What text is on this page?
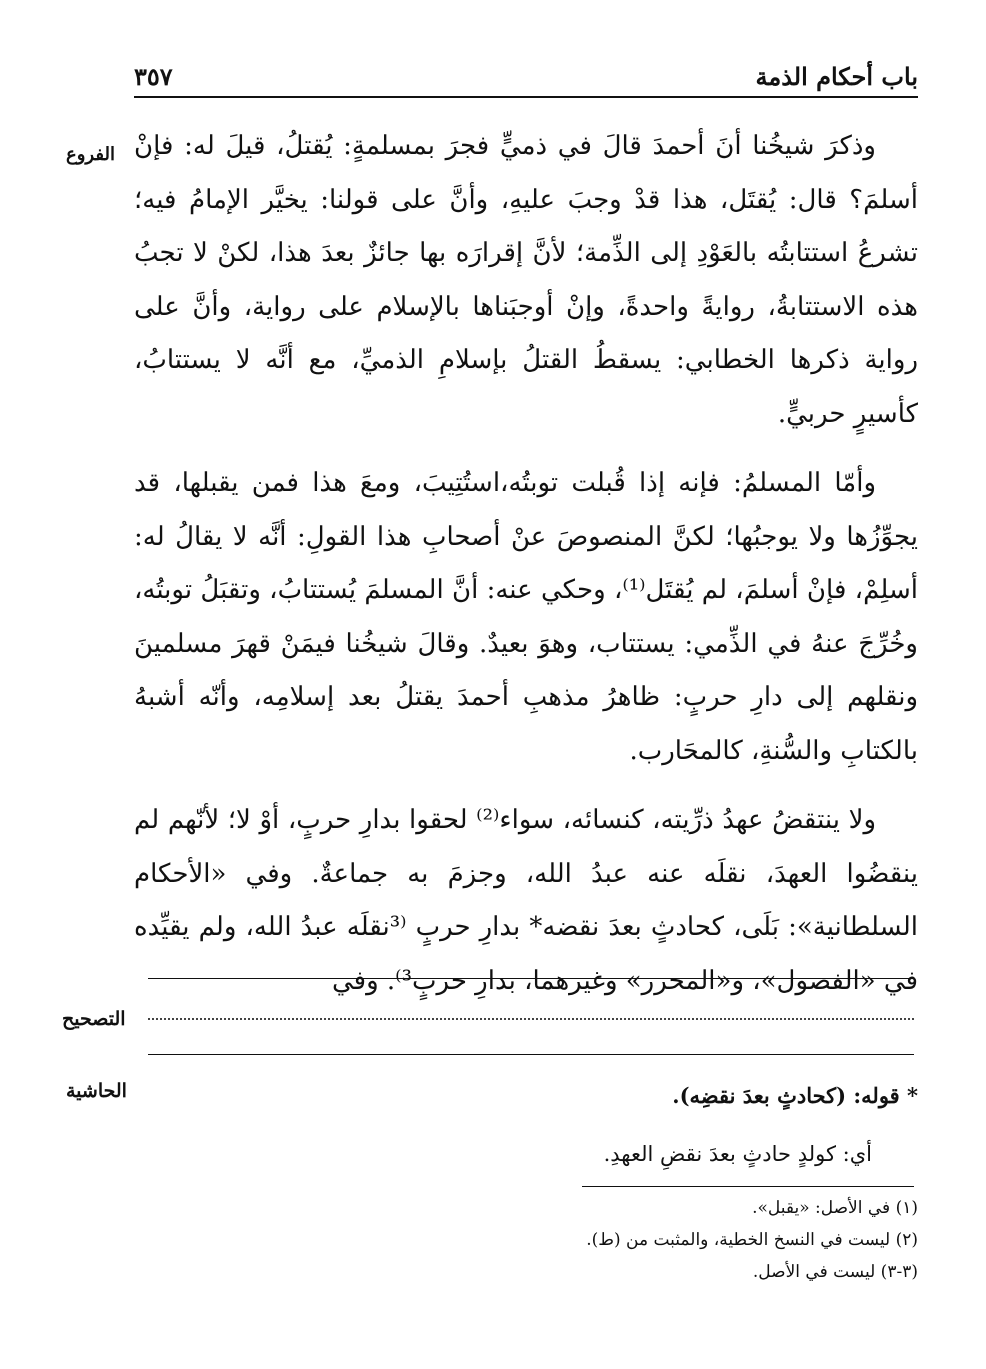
باب أحكام الذمة
٣٥٧
الفروع وذكرَ شيخُنا أنَ أحمدَ قالَ في ذميٍّ فجرَ بمسلمةٍ: يُقتلُ، قيلَ له: فإنْ أسلمَ؟ قال: يُقتَل، هذا قدْ وجبَ عليهِ، وأنَّ على قولنا: يخيَّر الإمامُ فيه؛ تشرعُ استتابتُه بالعَوْدِ إلى الذِّمة؛ لأنَّ إقرارَه بها جائزٌ بعدَ هذا، لكنْ لا تجبُ هذه الاستتابةُ، روايةً واحدةً، وإنْ أوجبَناها بالإسلام على رواية، وأنَّ على رواية ذكرها الخطابي: يسقطُ القتلُ بإسلامِ الذميِّ، مع أنَّه لا يستتابُ، كأسيرٍ حربيٍّ.

وأمّا المسلمُ: فإنه إذا قُبلت توبتُه،استُتِيبَ، ومعَ هذا فمن يقبلها، قد يجوِّزُها ولا يوجبُها؛ لكنَّ المنصوصَ عنْ أصحابِ هذا القولِ: أنَّه لا يقالُ له: أسلِمْ، فإنْ أسلمَ، لم يُقتَل⁽¹⁾، وحكي عنه: أنَّ المسلمَ يُستتابُ، وتقبَلُ توبتُه، وخُرِّجَ عنهُ في الذِّمي: يستتاب، وهوَ بعيدٌ. وقالَ شيخُنا فيمَنْ قهرَ مسلمينَ ونقلهم إلى دارِ حربٍ: ظاهرُ مذهبِ أحمدَ يقتلُ بعد إسلامِه، وأنّه أشبهُ بالكتابِ والسُّنةِ، كالمحَارب.

ولا ينتقضُ عهدُ ذرِّيته، كنسائه، سواء⁽²⁾ لحقوا بدارِ حربٍ، أوْ لا؛ لأنّهم لم ينقضُوا العهدَ، نقلَه عنه عبدُ الله، وجزمَ به جماعةٌ. وفي «الأحكام السلطانية»: بَلَى، كحادثٍ بعدَ نقضه* بدارِ حربٍ ⁽³نقلَه عبدُ الله، ولم يقيِّده في «الفصول»، و«المحرر» وغيرهما، بدارِ حربٍ³⁾. وفي

التصحيح
الحاشية	* قوله: (كحادثٍ بعدَ نقضِه).

أي: كولدٍ حادثٍ بعدَ نقضِ العهدِ.

(١) في الأصل: «يقبل».
(٢) ليست في النسخ الخطية، والمثبت من (ط).
(٣-٣) ليست في الأصل.
